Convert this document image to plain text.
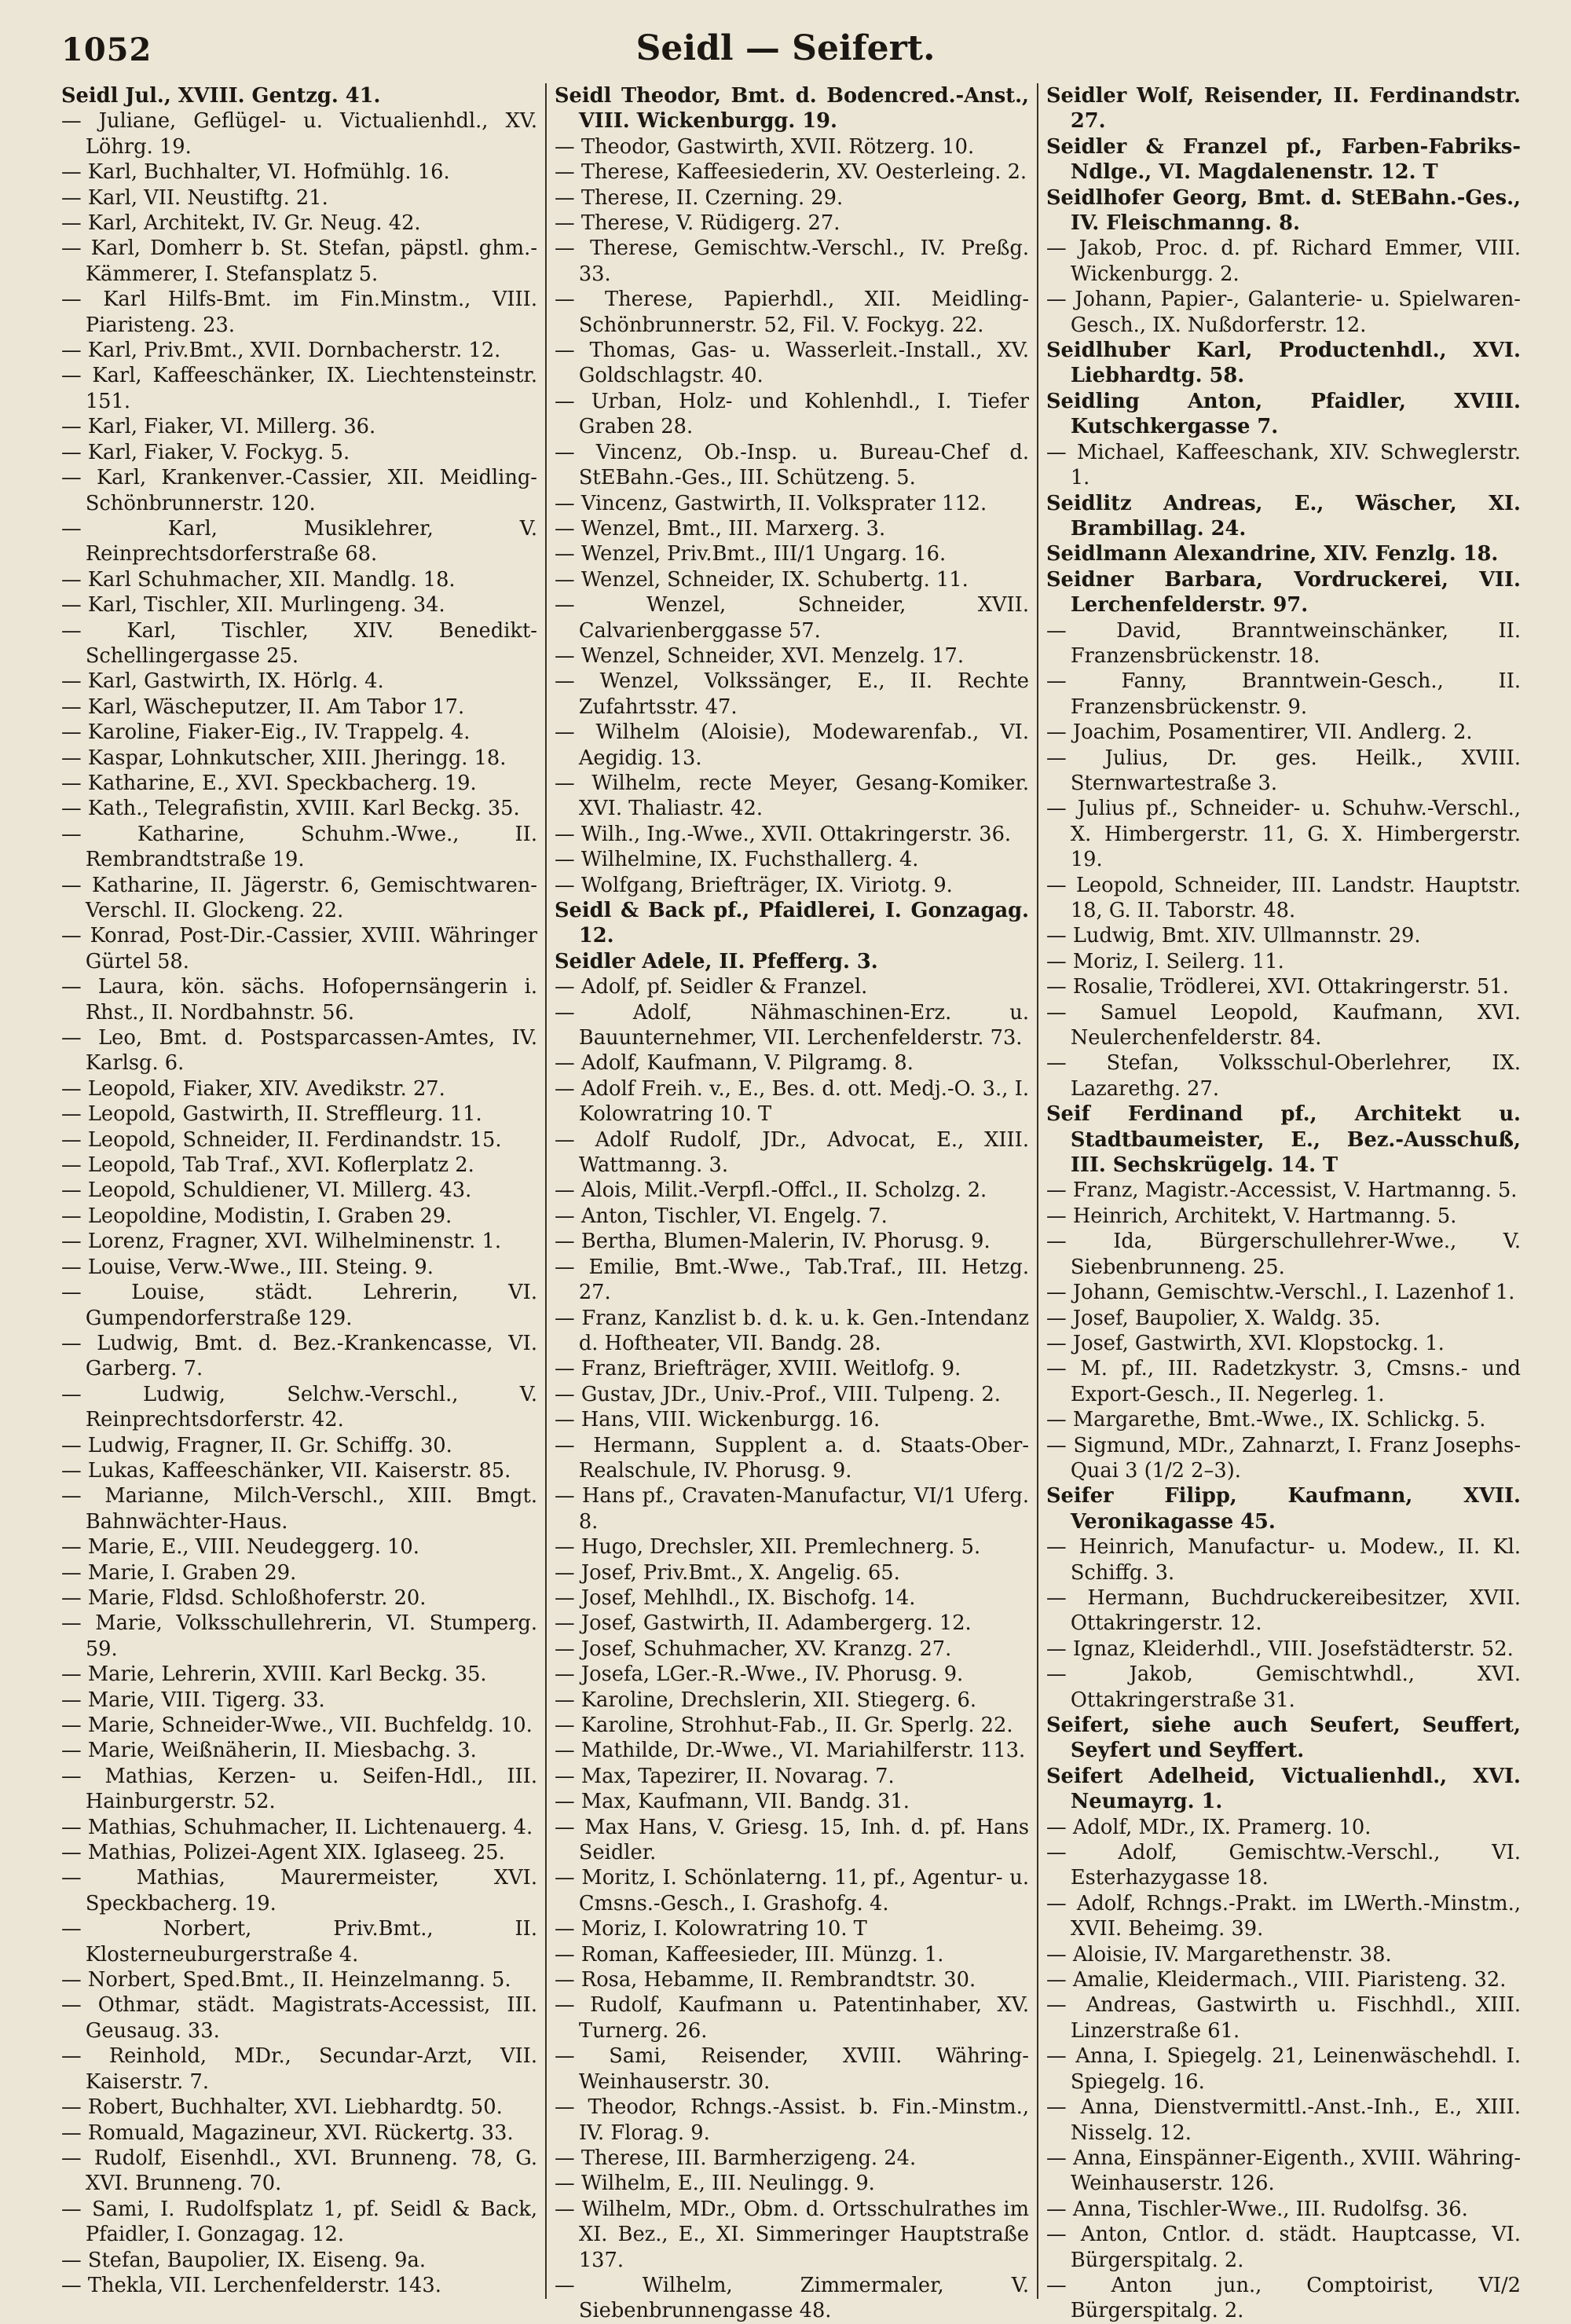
1052	Seidl — Seifert.

Seidl Jul., XVIII. Gentzg. 41.

— Juliane, Geflügel- u. Victualienhdl., XV. Löhrg. 19.

— Karl, Buchhalter, VI. Hofmühlg. 16.

— Karl, VII. Neustiftg. 21.

— Karl, Architekt, IV. Gr. Neug. 42.

— Karl, Domherr b. St. Stefan, päpstl. ghm.-Kämmerer, I. Stefansplatz 5.

— Karl Hilfs-Bmt. im Fin.Minstm., VIII. Piaristeng. 23.

— Karl, Priv.Bmt., XVII. Dornbacherstr. 12.

— Karl, Kaffeeschänker, IX. Liechtensteinstr. 151.

— Karl, Fiaker, VI. Millerg. 36.

— Karl, Fiaker, V. Fockyg. 5.

— Karl, Krankenver.-Cassier, XII. Meidling-Schönbrunnerstr. 120.

— Karl, Musiklehrer, V. Reinprechtsdorferstraße 68.

— Karl Schuhmacher, XII. Mandlg. 18.

— Karl, Tischler, XII. Murlingeng. 34.

— Karl, Tischler, XIV. Benedikt-Schellingergasse 25.

— Karl, Gastwirth, IX. Hörlg. 4.

— Karl, Wäscheputzer, II. Am Tabor 17.

— Karoline, Fiaker-Eig., IV. Trappelg. 4.

— Kaspar, Lohnkutscher, XIII. Jheringg. 18.

— Katharine, E., XVI. Speckbacherg. 19.

— Kath., Telegrafistin, XVIII. Karl Beckg. 35.

— Katharine, Schuhm.-Wwe., II. Rembrandtstraße 19.

— Katharine, II. Jägerstr. 6, Gemischtwaren-Verschl. II. Glockeng. 22.

— Konrad, Post-Dir.-Cassier, XVIII. Währinger Gürtel 58.

— Laura, kön. sächs. Hofopernsängerin i. Rhst., II. Nordbahnstr. 56.

— Leo, Bmt. d. Postsparcassen-Amtes, IV. Karlsg. 6.

— Leopold, Fiaker, XIV. Avedikstr. 27.

— Leopold, Gastwirth, II. Streffleurg. 11.

— Leopold, Schneider, II. Ferdinandstr. 15.

— Leopold, Tab Traf., XVI. Koflerplatz 2.

— Leopold, Schuldiener, VI. Millerg. 43.

— Leopoldine, Modistin, I. Graben 29.

— Lorenz, Fragner, XVI. Wilhelminenstr. 1.

— Louise, Verw.-Wwe., III. Steing. 9.

— Louise, städt. Lehrerin, VI. Gumpendorferstraße 129.

— Ludwig, Bmt. d. Bez.-Krankencasse, VI. Garberg. 7.

— Ludwig, Selchw.-Verschl., V. Reinprechtsdorferstr. 42.

— Ludwig, Fragner, II. Gr. Schiffg. 30.

— Lukas, Kaffeeschänker, VII. Kaiserstr. 85.

— Marianne, Milch-Verschl., XIII. Bmgt. Bahnwächter-Haus.

— Marie, E., VIII. Neudeggerg. 10.

— Marie, I. Graben 29.

— Marie, Fldsd. Schloßhoferstr. 20.

— Marie, Volksschullehrerin, VI. Stumperg. 59.

— Marie, Lehrerin, XVIII. Karl Beckg. 35.

— Marie, VIII. Tigerg. 33.

— Marie, Schneider-Wwe., VII. Buchfeldg. 10.

— Marie, Weißnäherin, II. Miesbachg. 3.

— Mathias, Kerzen- u. Seifen-Hdl., III. Hainburgerstr. 52.

— Mathias, Schuhmacher, II. Lichtenauerg. 4.

— Mathias, Polizei-Agent XIX. Iglaseeg. 25.

— Mathias, Maurermeister, XVI. Speckbacherg. 19.

— Norbert, Priv.Bmt., II. Klosterneuburgerstraße 4.

— Norbert, Sped.Bmt., II. Heinzelmanng. 5.

— Othmar, städt. Magistrats-Accessist, III. Geusaug. 33.

— Reinhold, MDr., Secundar-Arzt, VII. Kaiserstr. 7.

— Robert, Buchhalter, XVI. Liebhardtg. 50.

— Romuald, Magazineur, XVI. Rückertg. 33.

— Rudolf, Eisenhdl., XVI. Brunneng. 78, G. XVI. Brunneng. 70.

— Sami, I. Rudolfsplatz 1, pf. Seidl & Back, Pfaidler, I. Gonzagag. 12.

— Stefan, Baupolier, IX. Eiseng. 9a.

— Thekla, VII. Lerchenfelderstr. 143.

Seidl Theodor, Bmt. d. Bodencred.-Anst., VIII. Wickenburgg. 19.

— Theodor, Gastwirth, XVII. Rötzerg. 10.

— Therese, Kaffeesiederin, XV. Oesterleing. 2.

— Therese, II. Czerning. 29.

— Therese, V. Rüdigerg. 27.

— Therese, Gemischtw.-Verschl., IV. Preßg. 33.

— Therese, Papierhdl., XII. Meidling-Schönbrunnerstr. 52, Fil. V. Fockyg. 22.

— Thomas, Gas- u. Wasserleit.-Install., XV. Goldschlagstr. 40.

— Urban, Holz- und Kohlenhdl., I. Tiefer Graben 28.

— Vincenz, Ob.-Insp. u. Bureau-Chef d. StEBahn.-Ges., III. Schützeng. 5.

— Vincenz, Gastwirth, II. Volksprater 112.

— Wenzel, Bmt., III. Marxerg. 3.

— Wenzel, Priv.Bmt., III/1 Ungarg. 16.

— Wenzel, Schneider, IX. Schubertg. 11.

— Wenzel, Schneider, XVII. Calvarienberggasse 57.

— Wenzel, Schneider, XVI. Menzelg. 17.

— Wenzel, Volkssänger, E., II. Rechte Zufahrtsstr. 47.

— Wilhelm (Aloisie), Modewarenfab., VI. Aegidig. 13.

— Wilhelm, recte Meyer, Gesang-Komiker. XVI. Thaliastr. 42.

— Wilh., Ing.-Wwe., XVII. Ottakringerstr. 36.

— Wilhelmine, IX. Fuchsthallerg. 4.

— Wolfgang, Briefträger, IX. Viriotg. 9.

Seidl & Back pf., Pfaidlerei, I. Gonzagag. 12.

Seidler Adele, II. Pfefferg. 3.

— Adolf, pf. Seidler & Franzel.

— Adolf, Nähmaschinen-Erz. u. Bauunternehmer, VII. Lerchenfelderstr. 73.

— Adolf, Kaufmann, V. Pilgramg. 8.

— Adolf Freih. v., E., Bes. d. ott. Medj.-O. 3., I. Kolowratring 10. T

— Adolf Rudolf, JDr., Advocat, E., XIII. Wattmanng. 3.

— Alois, Milit.-Verpfl.-Offcl., II. Scholzg. 2.

— Anton, Tischler, VI. Engelg. 7.

— Bertha, Blumen-Malerin, IV. Phorusg. 9.

— Emilie, Bmt.-Wwe., Tab.Traf., III. Hetzg. 27.

— Franz, Kanzlist b. d. k. u. k. Gen.-Intendanz d. Hoftheater, VII. Bandg. 28.

— Franz, Briefträger, XVIII. Weitlofg. 9.

— Gustav, JDr., Univ.-Prof., VIII. Tulpeng. 2.

— Hans, VIII. Wickenburgg. 16.

— Hermann, Supplent a. d. Staats-Ober-Realschule, IV. Phorusg. 9.

— Hans pf., Cravaten-Manufactur, VI/1 Uferg. 8.

— Hugo, Drechsler, XII. Premlechnerg. 5.

— Josef, Priv.Bmt., X. Angelig. 65.

— Josef, Mehlhdl., IX. Bischofg. 14.

— Josef, Gastwirth, II. Adambergerg. 12.

— Josef, Schuhmacher, XV. Kranzg. 27.

— Josefa, LGer.-R.-Wwe., IV. Phorusg. 9.

— Karoline, Drechslerin, XII. Stiegerg. 6.

— Karoline, Strohhut-Fab., II. Gr. Sperlg. 22.

— Mathilde, Dr.-Wwe., VI. Mariahilferstr. 113.

— Max, Tapezirer, II. Novarag. 7.

— Max, Kaufmann, VII. Bandg. 31.

— Max Hans, V. Griesg. 15, Inh. d. pf. Hans Seidler.

— Moritz, I. Schönlaterng. 11, pf., Agentur- u. Cmsns.-Gesch., I. Grashofg. 4.

— Moriz, I. Kolowratring 10. T

— Roman, Kaffeesieder, III. Münzg. 1.

— Rosa, Hebamme, II. Rembrandtstr. 30.

— Rudolf, Kaufmann u. Patentinhaber, XV. Turnerg. 26.

— Sami, Reisender, XVIII. Währing-Weinhauserstr. 30.

— Theodor, Rchngs.-Assist. b. Fin.-Minstm., IV. Florag. 9.

— Therese, III. Barmherzigeng. 24.

— Wilhelm, E., III. Neulingg. 9.

— Wilhelm, MDr., Obm. d. Ortsschulrathes im XI. Bez., E., XI. Simmeringer Hauptstraße 137.

— Wilhelm, Zimmermaler, V. Siebenbrunnengasse 48.

Seidler Wolf, Reisender, II. Ferdinandstr. 27.

Seidler & Franzel pf., Farben-Fabriks-Ndlge., VI. Magdalenenstr. 12. T

Seidlhofer Georg, Bmt. d. StEBahn.-Ges., IV. Fleischmanng. 8.

— Jakob, Proc. d. pf. Richard Emmer, VIII. Wickenburgg. 2.

— Johann, Papier-, Galanterie- u. Spielwaren-Gesch., IX. Nußdorferstr. 12.

Seidlhuber Karl, Productenhdl., XVI. Liebhardtg. 58.

Seidling Anton, Pfaidler, XVIII. Kutschkergasse 7.

— Michael, Kaffeeschank, XIV. Schweglerstr. 1.

Seidlitz Andreas, E., Wäscher, XI. Brambillag. 24.

Seidlmann Alexandrine, XIV. Fenzlg. 18.

Seidner Barbara, Vordruckerei, VII. Lerchenfelderstr. 97.

— David, Branntweinschänker, II. Franzensbrückenstr. 18.

— Fanny, Branntwein-Gesch., II. Franzensbrückenstr. 9.

— Joachim, Posamentirer, VII. Andlerg. 2.

— Julius, Dr. ges. Heilk., XVIII. Sternwartestraße 3.

— Julius pf., Schneider- u. Schuhw.-Verschl., X. Himbergerstr. 11, G. X. Himbergerstr. 19.

— Leopold, Schneider, III. Landstr. Hauptstr. 18, G. II. Taborstr. 48.

— Ludwig, Bmt. XIV. Ullmannstr. 29.

— Moriz, I. Seilerg. 11.

— Rosalie, Trödlerei, XVI. Ottakringerstr. 51.

— Samuel Leopold, Kaufmann, XVI. Neulerchenfelderstr. 84.

— Stefan, Volksschul-Oberlehrer, IX. Lazarethg. 27.

Seif Ferdinand pf., Architekt u. Stadtbaumeister, E., Bez.-Ausschuß, III. Sechskrügelg. 14. T

— Franz, Magistr.-Accessist, V. Hartmanng. 5.

— Heinrich, Architekt, V. Hartmanng. 5.

— Ida, Bürgerschullehrer-Wwe., V. Siebenbrunneng. 25.

— Johann, Gemischtw.-Verschl., I. Lazenhof 1.

— Josef, Baupolier, X. Waldg. 35.

— Josef, Gastwirth, XVI. Klopstockg. 1.

— M. pf., III. Radetzkystr. 3, Cmsns.- und Export-Gesch., II. Negerleg. 1.

— Margarethe, Bmt.-Wwe., IX. Schlickg. 5.

— Sigmund, MDr., Zahnarzt, I. Franz Josephs-Quai 3 (1/2 2–3).

Seifer Filipp, Kaufmann, XVII. Veronikagasse 45.

— Heinrich, Manufactur- u. Modew., II. Kl. Schiffg. 3.

— Hermann, Buchdruckereibesitzer, XVII. Ottakringerstr. 12.

— Ignaz, Kleiderhdl., VIII. Josefstädterstr. 52.

— Jakob, Gemischtwhdl., XVI. Ottakringerstraße 31.

Seifert, siehe auch Seufert, Seuffert, Seyfert und Seyffert.

Seifert Adelheid, Victualienhdl., XVI. Neumayrg. 1.

— Adolf, MDr., IX. Pramerg. 10.

— Adolf, Gemischtw.-Verschl., VI. Esterhazygasse 18.

— Adolf, Rchngs.-Prakt. im LWerth.-Minstm., XVII. Beheimg. 39.

— Aloisie, IV. Margarethenstr. 38.

— Amalie, Kleidermach., VIII. Piaristeng. 32.

— Andreas, Gastwirth u. Fischhdl., XIII. Linzerstraße 61.

— Anna, I. Spiegelg. 21, Leinenwäschehdl. I. Spiegelg. 16.

— Anna, Dienstvermittl.-Anst.-Inh., E., XIII. Nisselg. 12.

— Anna, Einspänner-Eigenth., XVIII. Währing-Weinhauserstr. 126.

— Anna, Tischler-Wwe., III. Rudolfsg. 36.

— Anton, Cntlor. d. städt. Hauptcasse, VI. Bürgerspitalg. 2.

— Anton jun., Comptoirist, VI/2 Bürgerspitalg. 2.
